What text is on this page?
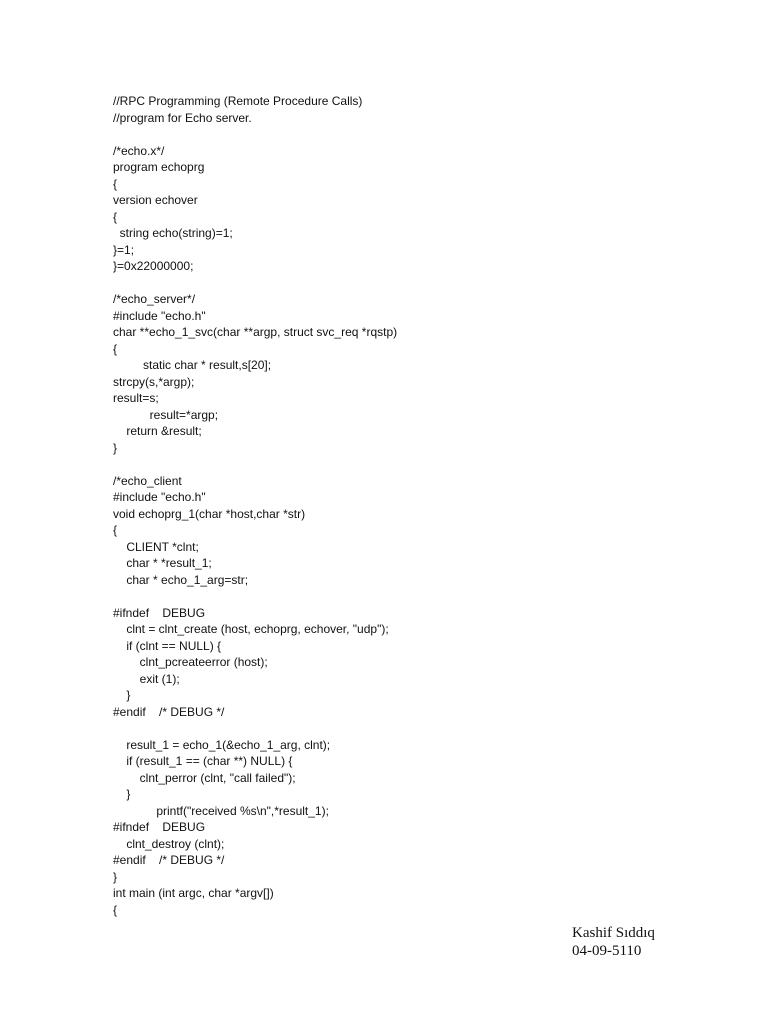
//RPC Programming (Remote Procedure Calls)
//program for Echo server.
/*echo.x*/
program echoprg
{
version echover
{
string echo(string)=1;
}=1;
}=0x22000000;
/*echo_server*/
#include "echo.h"
char **echo_1_svc(char **argp, struct svc_req *rqstp)
{
static char * result,s[20];
strcpy(s,*argp);
result=s;
result=*argp;
return &result;
}
/*echo_client
#include "echo.h"
void echoprg_1(char *host,char *str)
{
CLIENT *clnt;
char * *result_1;
char * echo_1_arg=str;
#ifndef    DEBUG
clnt = clnt_create (host, echoprg, echover, "udp");
if (clnt == NULL) {
clnt_pcreateerror (host);
exit (1);
}
#endif    /* DEBUG */
result_1 = echo_1(&echo_1_arg, clnt);
if (result_1 == (char **) NULL) {
clnt_perror (clnt, "call failed");
}
printf("received %s\n",*result_1);
#ifndef    DEBUG
clnt_destroy (clnt);
#endif    /* DEBUG */
}
int main (int argc, char *argv[])
{
Kashif Sıddıq
04-09-5110
